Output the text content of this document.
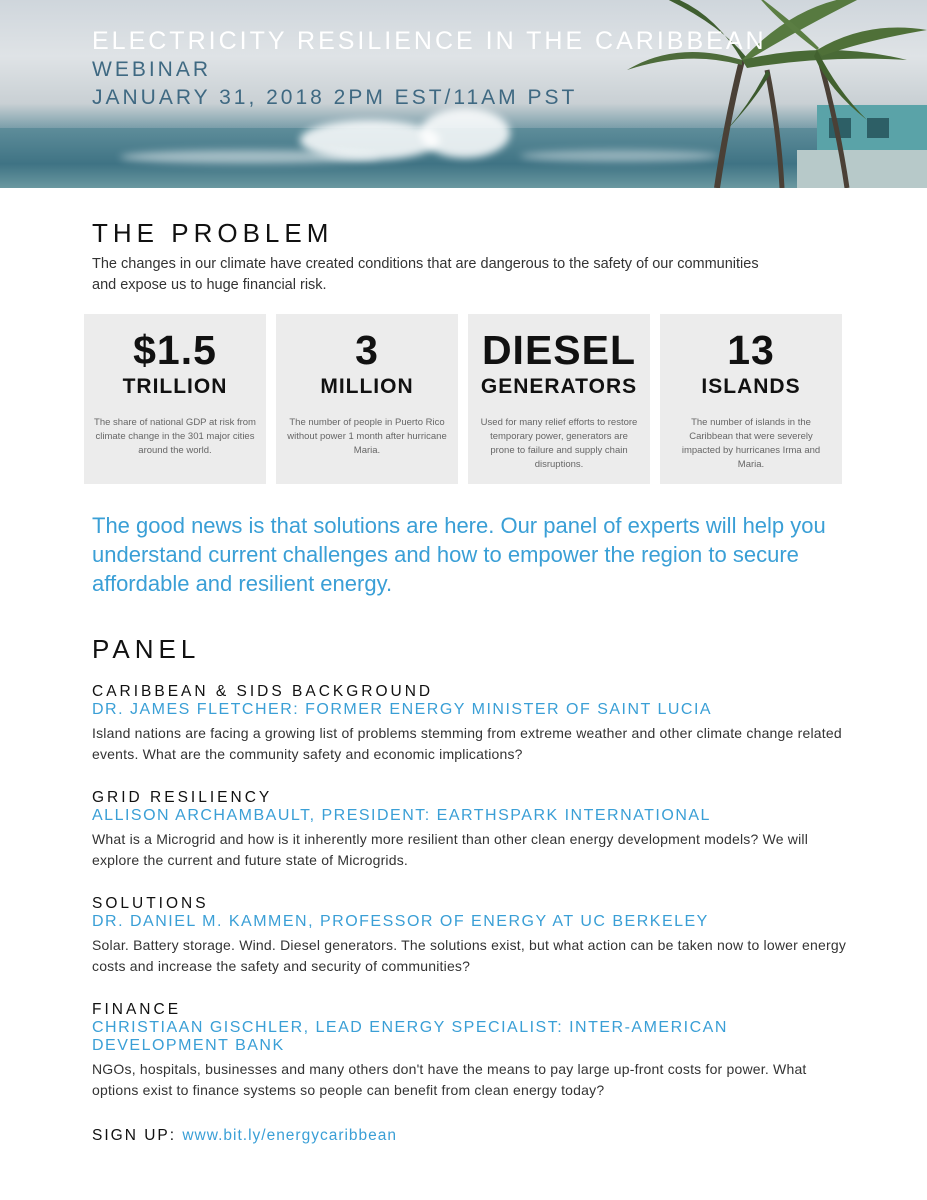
ELECTRICITY RESILIENCE IN THE CARIBBEAN
WEBINAR
JANUARY 31, 2018 2PM EST/11AM PST
THE PROBLEM
The changes in our climate have created conditions that are dangerous to the safety of our communities and expose us to huge financial risk.
$1.5
TRILLION
The share of national GDP at risk from climate change in the 301 major cities around the world.
3
MILLION
The number of people in Puerto Rico without power 1 month after hurricane Maria.
DIESEL
GENERATORS
Used for many relief efforts to restore temporary power, generators are prone to failure and supply chain disruptions.
13
ISLANDS
The number of islands in the Caribbean that were severely impacted by hurricanes Irma and Maria.
The good news is that solutions are here. Our panel of experts will help you understand current challenges and how to empower the region to secure affordable and resilient energy.
PANEL
CARIBBEAN & SIDS BACKGROUND
DR. JAMES FLETCHER: FORMER ENERGY MINISTER OF SAINT LUCIA
Island nations are facing a growing list of problems stemming from extreme weather and other climate change related events. What are the community safety and economic implications?
GRID RESILIENCY
ALLISON ARCHAMBAULT, PRESIDENT: EARTHSPARK INTERNATIONAL
What is a Microgrid and how is it inherently more resilient than other clean energy development models? We will explore the current and future state of Microgrids.
SOLUTIONS
DR. DANIEL M. KAMMEN, PROFESSOR OF ENERGY AT UC BERKELEY
Solar. Battery storage. Wind. Diesel generators. The solutions exist, but what action can be taken now to lower energy costs and increase the safety and security of communities?
FINANCE
CHRISTIAAN GISCHLER, LEAD ENERGY SPECIALIST: INTER-AMERICAN DEVELOPMENT BANK
NGOs, hospitals, businesses and many others don't have the means to pay large up-front costs for power. What options exist to finance systems so people can benefit from clean energy today?
SIGN UP: www.bit.ly/energycaribbean
